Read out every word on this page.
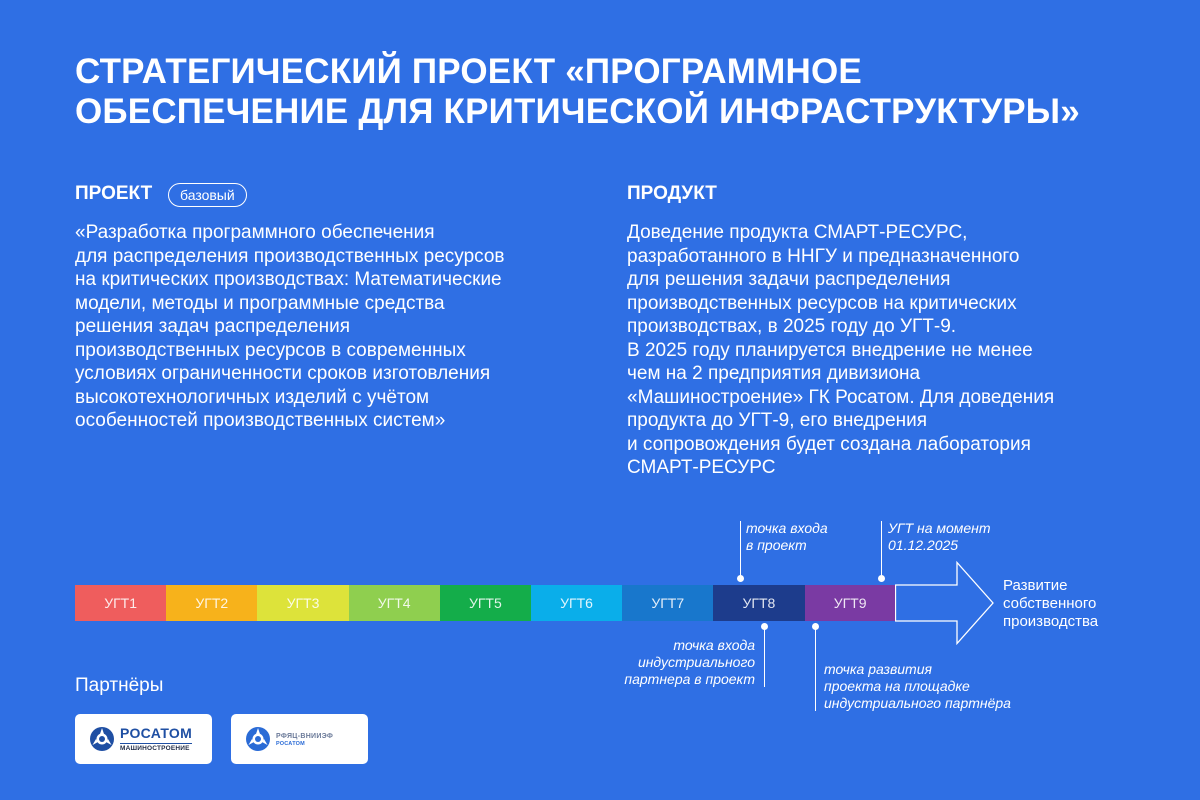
СТРАТЕГИЧЕСКИЙ ПРОЕКТ «ПРОГРАММНОЕ ОБЕСПЕЧЕНИЕ ДЛЯ КРИТИЧЕСКОЙ ИНФРАСТРУКТУРЫ»
ПРОЕКТ	базовый
«Разработка программного обеспечения
для распределения производственных ресурсов
на критических производствах: Математические
модели, методы и программные средства
решения задач распределения
производственных ресурсов в современных
условиях ограниченности сроков изготовления
высокотехнологичных изделий с учётом
особенностей производственных систем»
ПРОДУКТ
Доведение продукта СМАРТ-РЕСУРС,
разработанного в ННГУ и предназначенного
для решения задачи распределения
производственных ресурсов на критических
производствах, в 2025 году до УГТ-9.
В 2025 году планируется внедрение не менее
чем на 2 предприятия дивизиона
«Машиностроение» ГК Росатом. Для доведения
продукта до УГТ-9, его внедрения
и сопровождения будет создана лаборатория
СМАРТ-РЕСУРС
УГТ1	УГТ2	УГТ3	УГТ4	УГТ5	УГТ6	УГТ7	УГТ8	УГТ9
Развитие
собственного
производства
точка входа
в проект
УГТ на момент
01.12.2025
точка входа
индустриального
партнера в проект
точка развития
проекта на площадке
индустриального партнёра
Партнёры
РОСАТОМ
МАШИНОСТРОЕНИЕ
РФЯЦ-ВНИИЭФ
РОСАТОМ
